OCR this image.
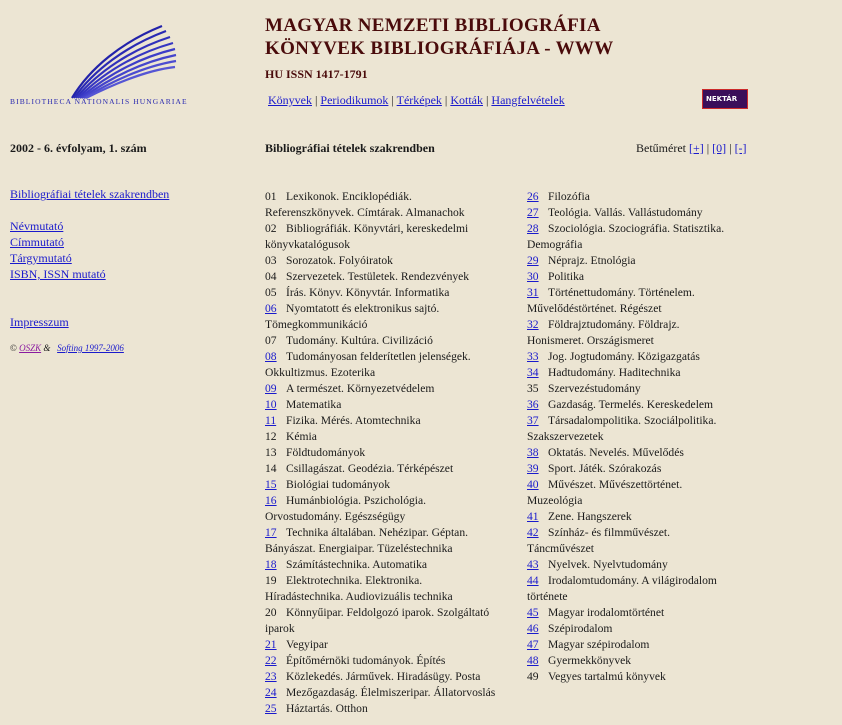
BIBLIOTHECA NATIONALIS HUNGARIAE
MAGYAR NEMZETI BIBLIOGRÁFIA
KÖNYVEK BIBLIOGRÁFIÁJA - WWW
HU ISSN 1417-1791
Könyvek | Periodikumok | Térképek | Kották | Hangfelvételek	NEKTÁR
2002 - 6. évfolyam, 1. szám	Bibliográfiai tételek szakrendben	Betűméret [+] | [0] | [-]
Bibliográfiai tételek szakrendben
Névmutató
Címmutató
Tárgymutató
ISBN, ISSN mutató
Impresszum
© OSZK & Softing 1997-2006
01 Lexikonok. Enciklopédiák.
Referenszkönyvek. Címtárak. Almanachok
02 Bibliográfiák. Könyvtári, kereskedelmi
könyvkatalógusok
03 Sorozatok. Folyóiratok
04 Szervezetek. Testületek. Rendezvények
05 Írás. Könyv. Könyvtár. Informatika
06 Nyomtatott és elektronikus sajtó.
Tömegkommunikáció
07 Tudomány. Kultúra. Civilizáció
08 Tudományosan felderítetlen jelenségek.
Okkultizmus. Ezoterika
09 A természet. Környezetvédelem
10 Matematika
11 Fizika. Mérés. Atomtechnika
12 Kémia
13 Földtudományok
14 Csillagászat. Geodézia. Térképészet
15 Biológiai tudományok
16 Humánbiológia. Pszichológia.
Orvostudomány. Egészségügy
17 Technika általában. Nehézipar. Géptan.
Bányászat. Energiaipar. Tüzeléstechnika
18 Számítástechnika. Automatika
19 Elektrotechnika. Elektronika.
Híradástechnika. Audiovizuális technika
20 Könnyűipar. Feldolgozó iparok. Szolgáltató
iparok
21 Vegyipar
22 Építőmérnöki tudományok. Építés
23 Közlekedés. Járművek. Hiradásügy. Posta
24 Mezőgazdaság. Élelmiszeripar. Állatorvoslás
25 Háztartás. Otthon
26 Filozófia
27 Teológia. Vallás. Vallástudomány
28 Szociológia. Szociográfia. Statisztika.
Demográfia
29 Néprajz. Etnológia
30 Politika
31 Történettudomány. Történelem.
Művelődéstörténet. Régészet
32 Földrajztudomány. Földrajz.
Honismeret. Országismeret
33 Jog. Jogtudomány. Közigazgatás
34 Hadtudomány. Haditechnika
35 Szervezéstudomány
36 Gazdaság. Termelés. Kereskedelem
37 Társadalompolitika. Szociálpolitika.
Szakszervezetek
38 Oktatás. Nevelés. Művelődés
39 Sport. Játék. Szórakozás
40 Művészet. Művészettörténet.
Muzeológia
41 Zene. Hangszerek
42 Színház- és filmművészet.
Táncművészet
43 Nyelvek. Nyelvtudomány
44 Irodalomtudomány. A világirodalom
története
45 Magyar irodalomtörténet
46 Szépirodalom
47 Magyar szépirodalom
48 Gyermekkönyvek
49 Vegyes tartalmú könyvek
